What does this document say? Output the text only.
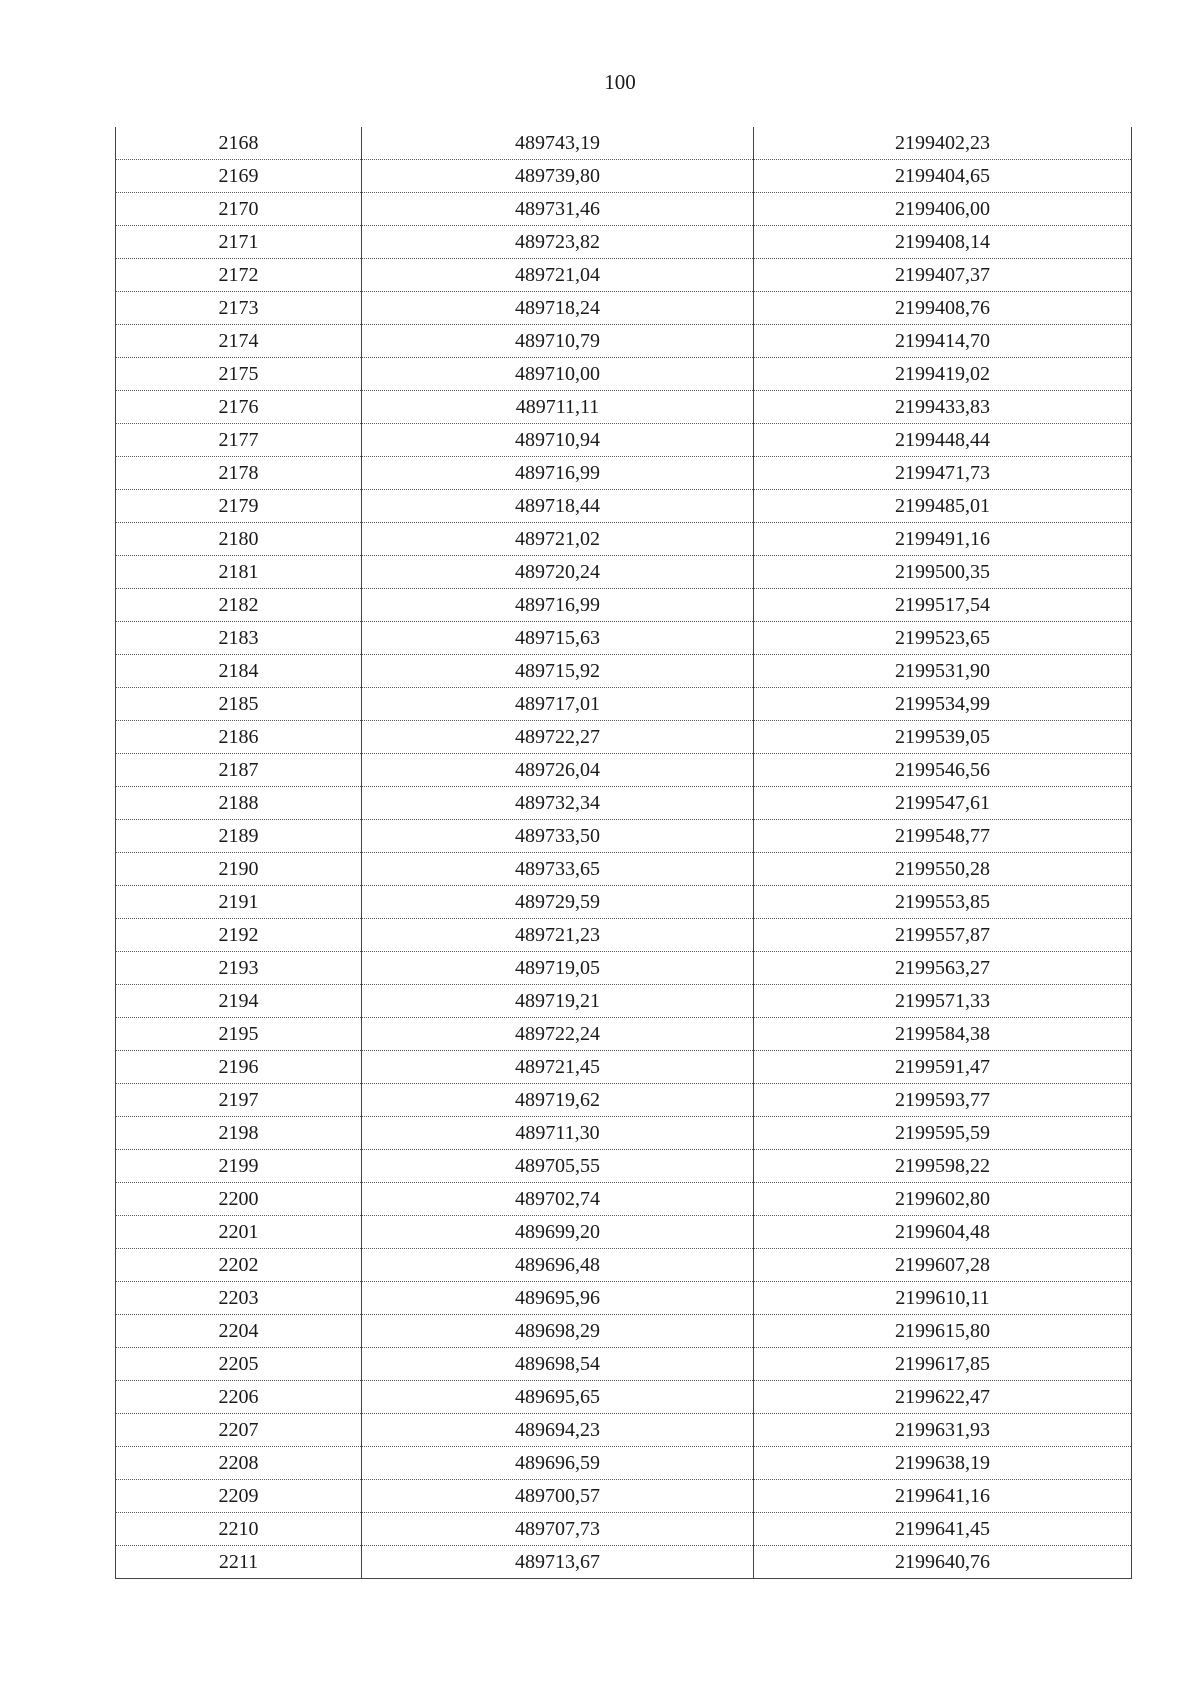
100
2168	489743,19	2199402,23
2169	489739,80	2199404,65
2170	489731,46	2199406,00
2171	489723,82	2199408,14
2172	489721,04	2199407,37
2173	489718,24	2199408,76
2174	489710,79	2199414,70
2175	489710,00	2199419,02
2176	489711,11	2199433,83
2177	489710,94	2199448,44
2178	489716,99	2199471,73
2179	489718,44	2199485,01
2180	489721,02	2199491,16
2181	489720,24	2199500,35
2182	489716,99	2199517,54
2183	489715,63	2199523,65
2184	489715,92	2199531,90
2185	489717,01	2199534,99
2186	489722,27	2199539,05
2187	489726,04	2199546,56
2188	489732,34	2199547,61
2189	489733,50	2199548,77
2190	489733,65	2199550,28
2191	489729,59	2199553,85
2192	489721,23	2199557,87
2193	489719,05	2199563,27
2194	489719,21	2199571,33
2195	489722,24	2199584,38
2196	489721,45	2199591,47
2197	489719,62	2199593,77
2198	489711,30	2199595,59
2199	489705,55	2199598,22
2200	489702,74	2199602,80
2201	489699,20	2199604,48
2202	489696,48	2199607,28
2203	489695,96	2199610,11
2204	489698,29	2199615,80
2205	489698,54	2199617,85
2206	489695,65	2199622,47
2207	489694,23	2199631,93
2208	489696,59	2199638,19
2209	489700,57	2199641,16
2210	489707,73	2199641,45
2211	489713,67	2199640,76
